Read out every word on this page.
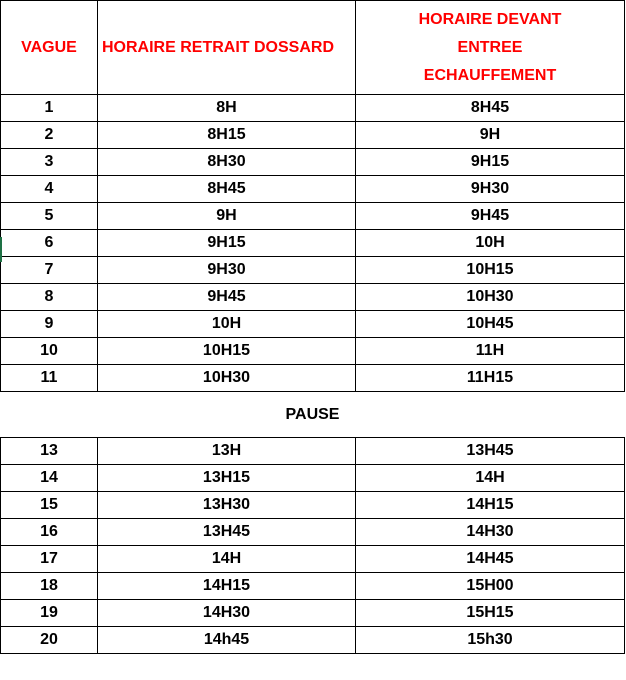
VAGUE	HORAIRE RETRAIT DOSSARD	HORAIRE DEVANT ENTREE ECHAUFFEMENT

1	8H	8H45
2	8H15	9H
3	8H30	9H15
4	8H45	9H30
5	9H	9H45
6	9H15	10H
7	9H30	10H15
8	9H45	10H30
9	10H	10H45
10	10H15	11H
11	10H30	11H15
PAUSE		
13	13H	13H45
14	13H15	14H
15	13H30	14H15
16	13H45	14H30
17	14H	14H45
18	14H15	15H00
19	14H30	15H15
20	14h45	15h30
